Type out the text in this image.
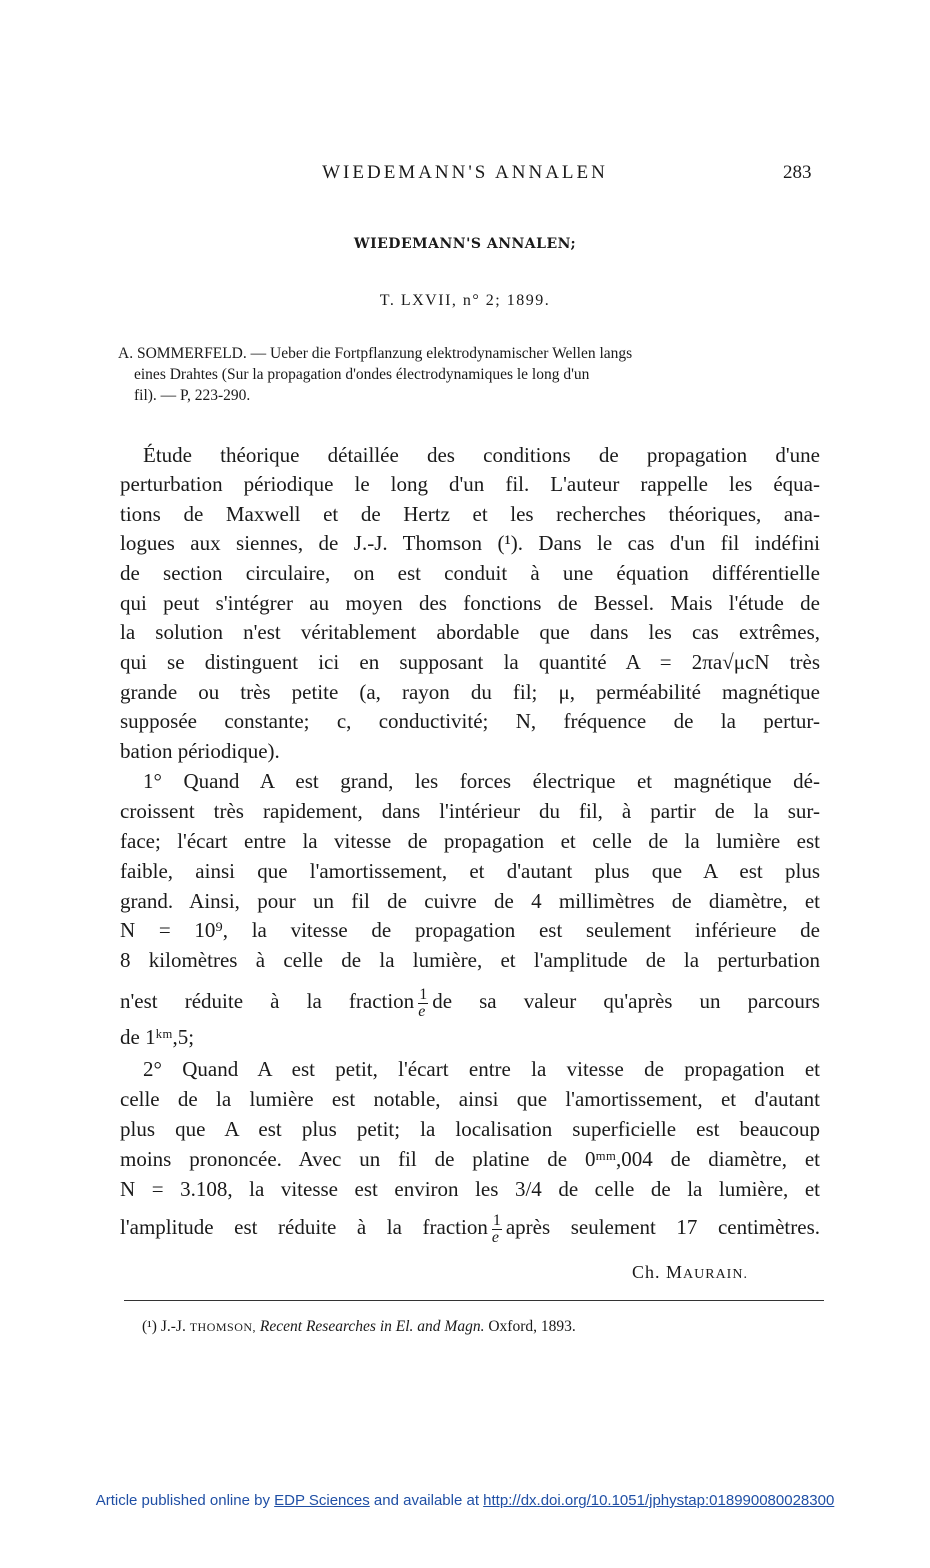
WIEDEMANN'S ANNALEN	283
WIEDEMANN'S ANNALEN;
T. LXVII, n° 2; 1899.
A. SOMMERFELD. — Ueber die Fortpflanzung elektrodynamischer Wellen langs
eines Drahtes (Sur la propagation d'ondes électrodynamiques le long d'un
fil). — P, 223-290.
Étude théorique détaillée des conditions de propagation d'une
perturbation périodique le long d'un fil. L'auteur rappelle les équa-
tions de Maxwell et de Hertz et les recherches théoriques, ana-
logues aux siennes, de J.-J. Thomson (¹). Dans le cas d'un fil indéfini
de section circulaire, on est conduit à une équation différentielle
qui peut s'intégrer au moyen des fonctions de Bessel. Mais l'étude de
la solution n'est véritablement abordable que dans les cas extrêmes,
qui se distinguent ici en supposant la quantité A = 2πa√μcN très
grande ou très petite (a, rayon du fil; μ, perméabilité magnétique
supposée constante; c, conductivité; N, fréquence de la pertur-
bation périodique).
1° Quand A est grand, les forces électrique et magnétique dé-
croissent très rapidement, dans l'intérieur du fil, à partir de la sur-
face; l'écart entre la vitesse de propagation et celle de la lumière est
faible, ainsi que l'amortissement, et d'autant plus que A est plus
grand. Ainsi, pour un fil de cuivre de 4 millimètres de diamètre, et
N = 10⁹, la vitesse de propagation est seulement inférieure de
8 kilomètres à celle de la lumière, et l'amplitude de la perturbation
n'est réduite à la fraction $\frac{1}{e}$ de sa valeur qu'après un parcours
de 1ᵏᵐ,5;
2° Quand A est petit, l'écart entre la vitesse de propagation et
celle de la lumière est notable, ainsi que l'amortissement, et d'autant
plus que A est plus petit; la localisation superficielle est beaucoup
moins prononcée. Avec un fil de platine de 0ᵐᵐ,004 de diamètre, et
N = 3.108, la vitesse est environ les 3/4 de celle de la lumière, et
l'amplitude est réduite à la fraction $\frac{1}{e}$ après seulement 17 centimètres.
Ch. MAURAIN.
(¹) J.-J. THOMSON, Recent Researches in El. and Magn. Oxford, 1893.
Article published online by EDP Sciences and available at http://dx.doi.org/10.1051/jphystap:018990080028300
